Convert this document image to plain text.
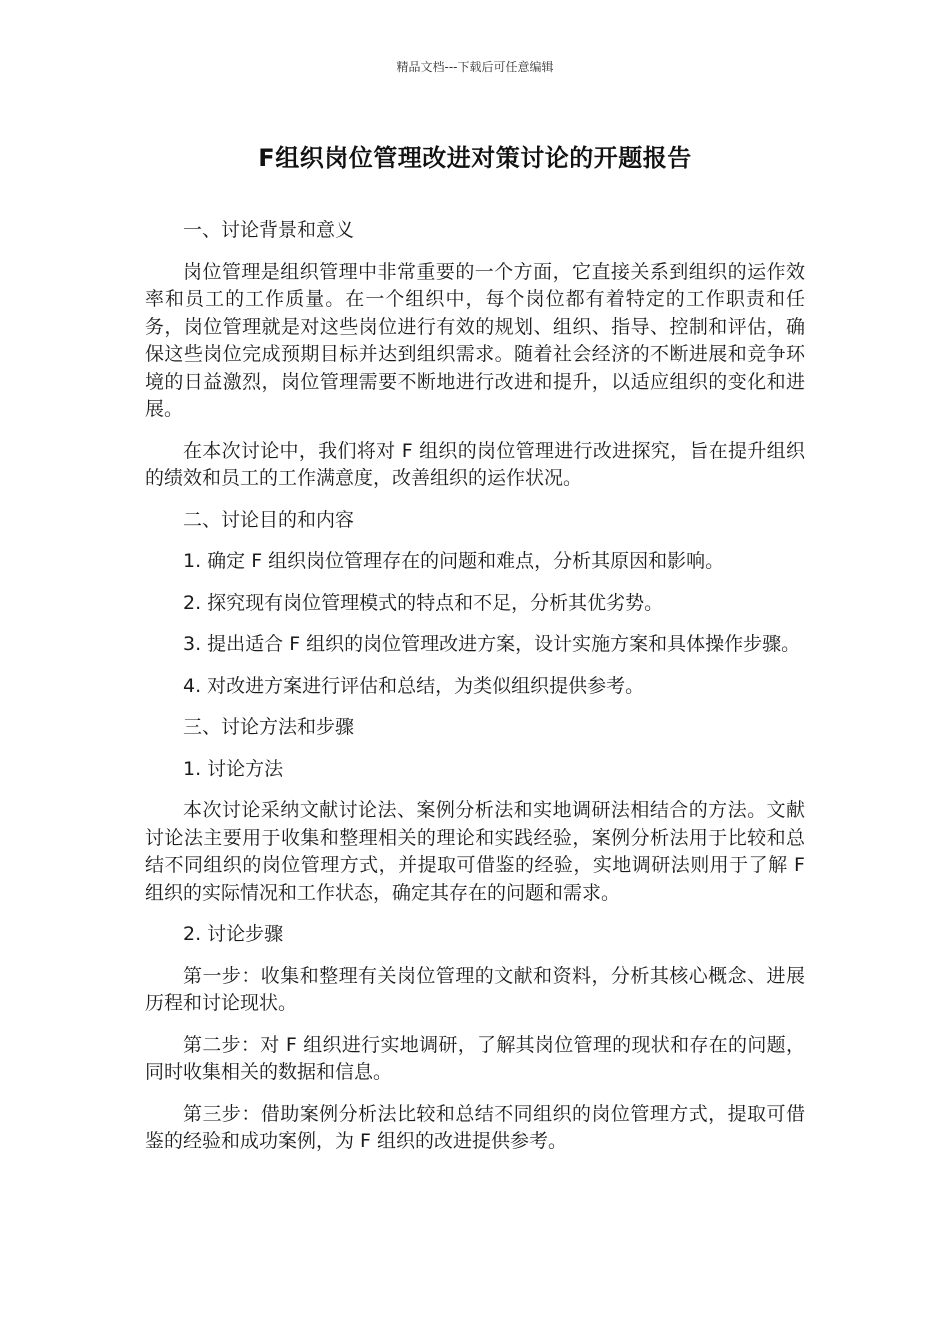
精品文档---下载后可任意编辑
F组织岗位管理改进对策讨论的开题报告

一、讨论背景和意义

岗位管理是组织管理中非常重要的一个方面，它直接关系到组织的运作效率和员工的工作质量。在一个组织中，每个岗位都有着特定的工作职责和任务，岗位管理就是对这些岗位进行有效的规划、组织、指导、控制和评估，确保这些岗位完成预期目标并达到组织需求。随着社会经济的不断进展和竞争环境的日益激烈，岗位管理需要不断地进行改进和提升，以适应组织的变化和进展。

在本次讨论中，我们将对 F 组织的岗位管理进行改进探究，旨在提升组织的绩效和员工的工作满意度，改善组织的运作状况。

二、讨论目的和内容

1. 确定 F 组织岗位管理存在的问题和难点，分析其原因和影响。

2. 探究现有岗位管理模式的特点和不足，分析其优劣势。

3. 提出适合 F 组织的岗位管理改进方案，设计实施方案和具体操作步骤。

4. 对改进方案进行评估和总结，为类似组织提供参考。

三、讨论方法和步骤

1. 讨论方法

本次讨论采纳文献讨论法、案例分析法和实地调研法相结合的方法。文献讨论法主要用于收集和整理相关的理论和实践经验，案例分析法用于比较和总结不同组织的岗位管理方式，并提取可借鉴的经验，实地调研法则用于了解 F 组织的实际情况和工作状态，确定其存在的问题和需求。

2. 讨论步骤

第一步：收集和整理有关岗位管理的文献和资料，分析其核心概念、进展历程和讨论现状。

第二步：对 F 组织进行实地调研，了解其岗位管理的现状和存在的问题，同时收集相关的数据和信息。

第三步：借助案例分析法比较和总结不同组织的岗位管理方式，提取可借鉴的经验和成功案例，为 F 组织的改进提供参考。
